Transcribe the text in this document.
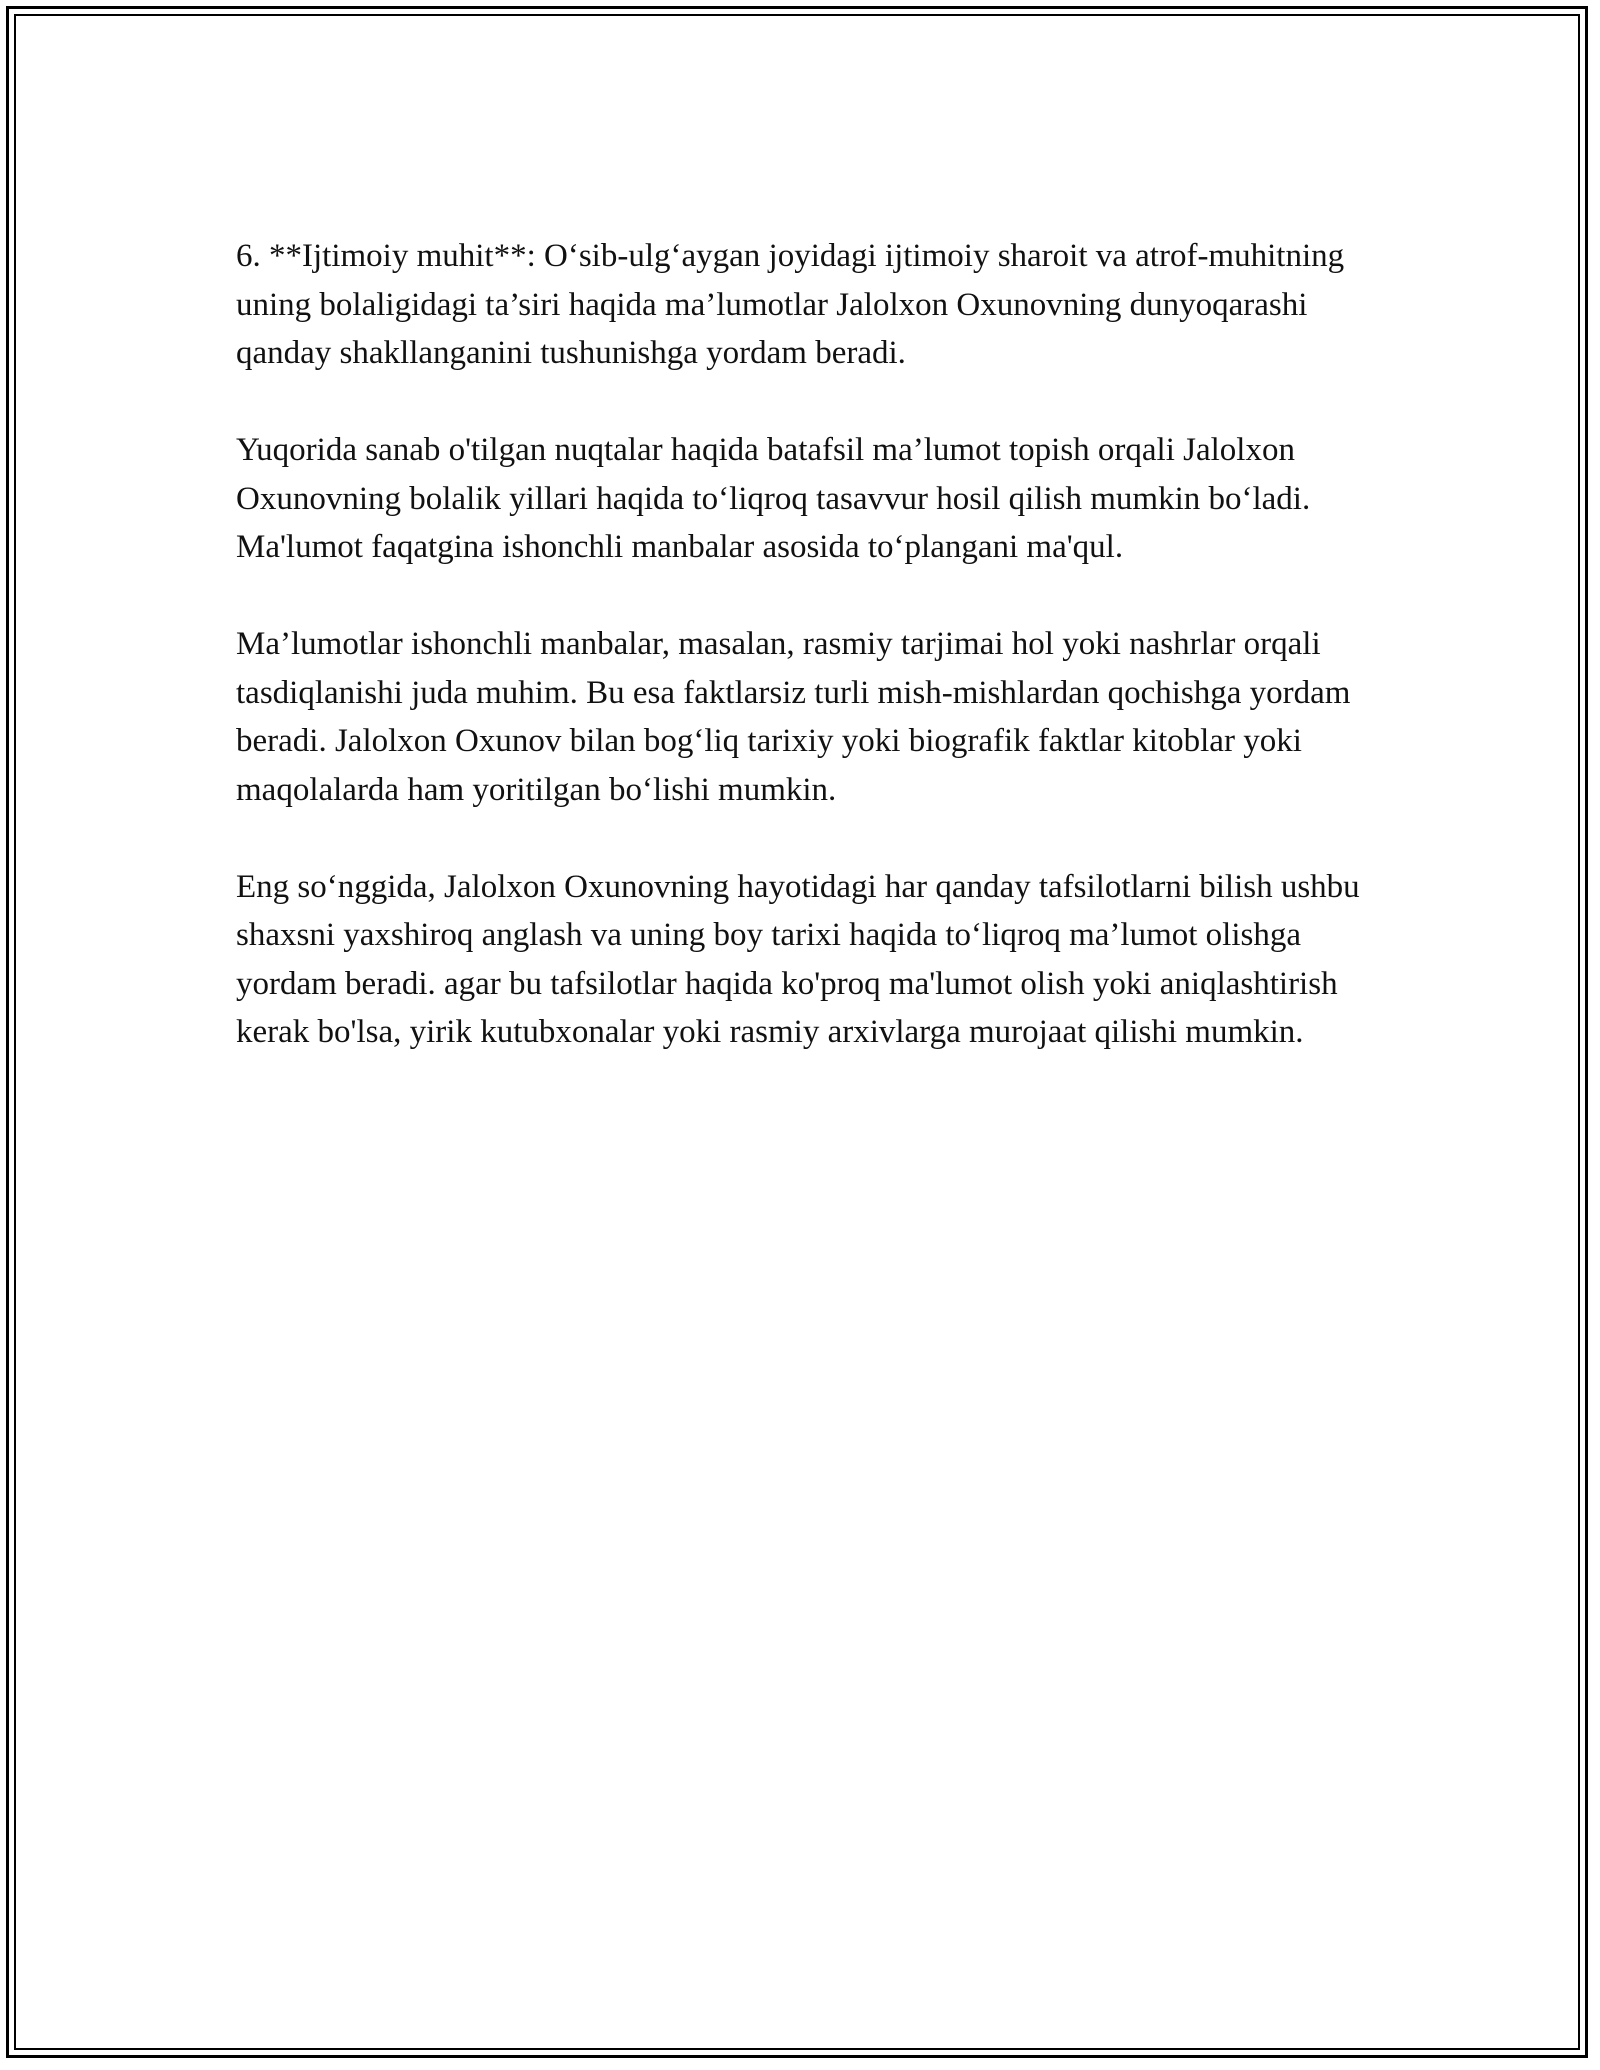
6. **Ijtimoiy muhit**: O‘sib-ulg‘aygan joyidagi ijtimoiy sharoit va atrof-muhitning uning bolaligidagi ta’siri haqida ma’lumotlar Jalolxon Oxunovning dunyoqarashi qanday shakllanganini tushunishga yordam beradi.

Yuqorida sanab o'tilgan nuqtalar haqida batafsil ma’lumot topish orqali Jalolxon Oxunovning bolalik yillari haqida to‘liqroq tasavvur hosil qilish mumkin bo‘ladi. Ma'lumot faqatgina ishonchli manbalar asosida to‘plangani ma'qul.

Ma’lumotlar ishonchli manbalar, masalan, rasmiy tarjimai hol yoki nashrlar orqali tasdiqlanishi juda muhim. Bu esa faktlarsiz turli mish-mishlardan qochishga yordam beradi. Jalolxon Oxunov bilan bog‘liq tarixiy yoki biografik faktlar kitoblar yoki maqolalarda ham yoritilgan bo‘lishi mumkin.

Eng so‘nggida, Jalolxon Oxunovning hayotidagi har qanday tafsilotlarni bilish ushbu shaxsni yaxshiroq anglash va uning boy tarixi haqida to‘liqroq ma’lumot olishga yordam beradi. agar bu tafsilotlar haqida ko'proq ma'lumot olish yoki aniqlashtirish kerak bo'lsa, yirik kutubxonalar yoki rasmiy arxivlarga murojaat qilishi mumkin.
